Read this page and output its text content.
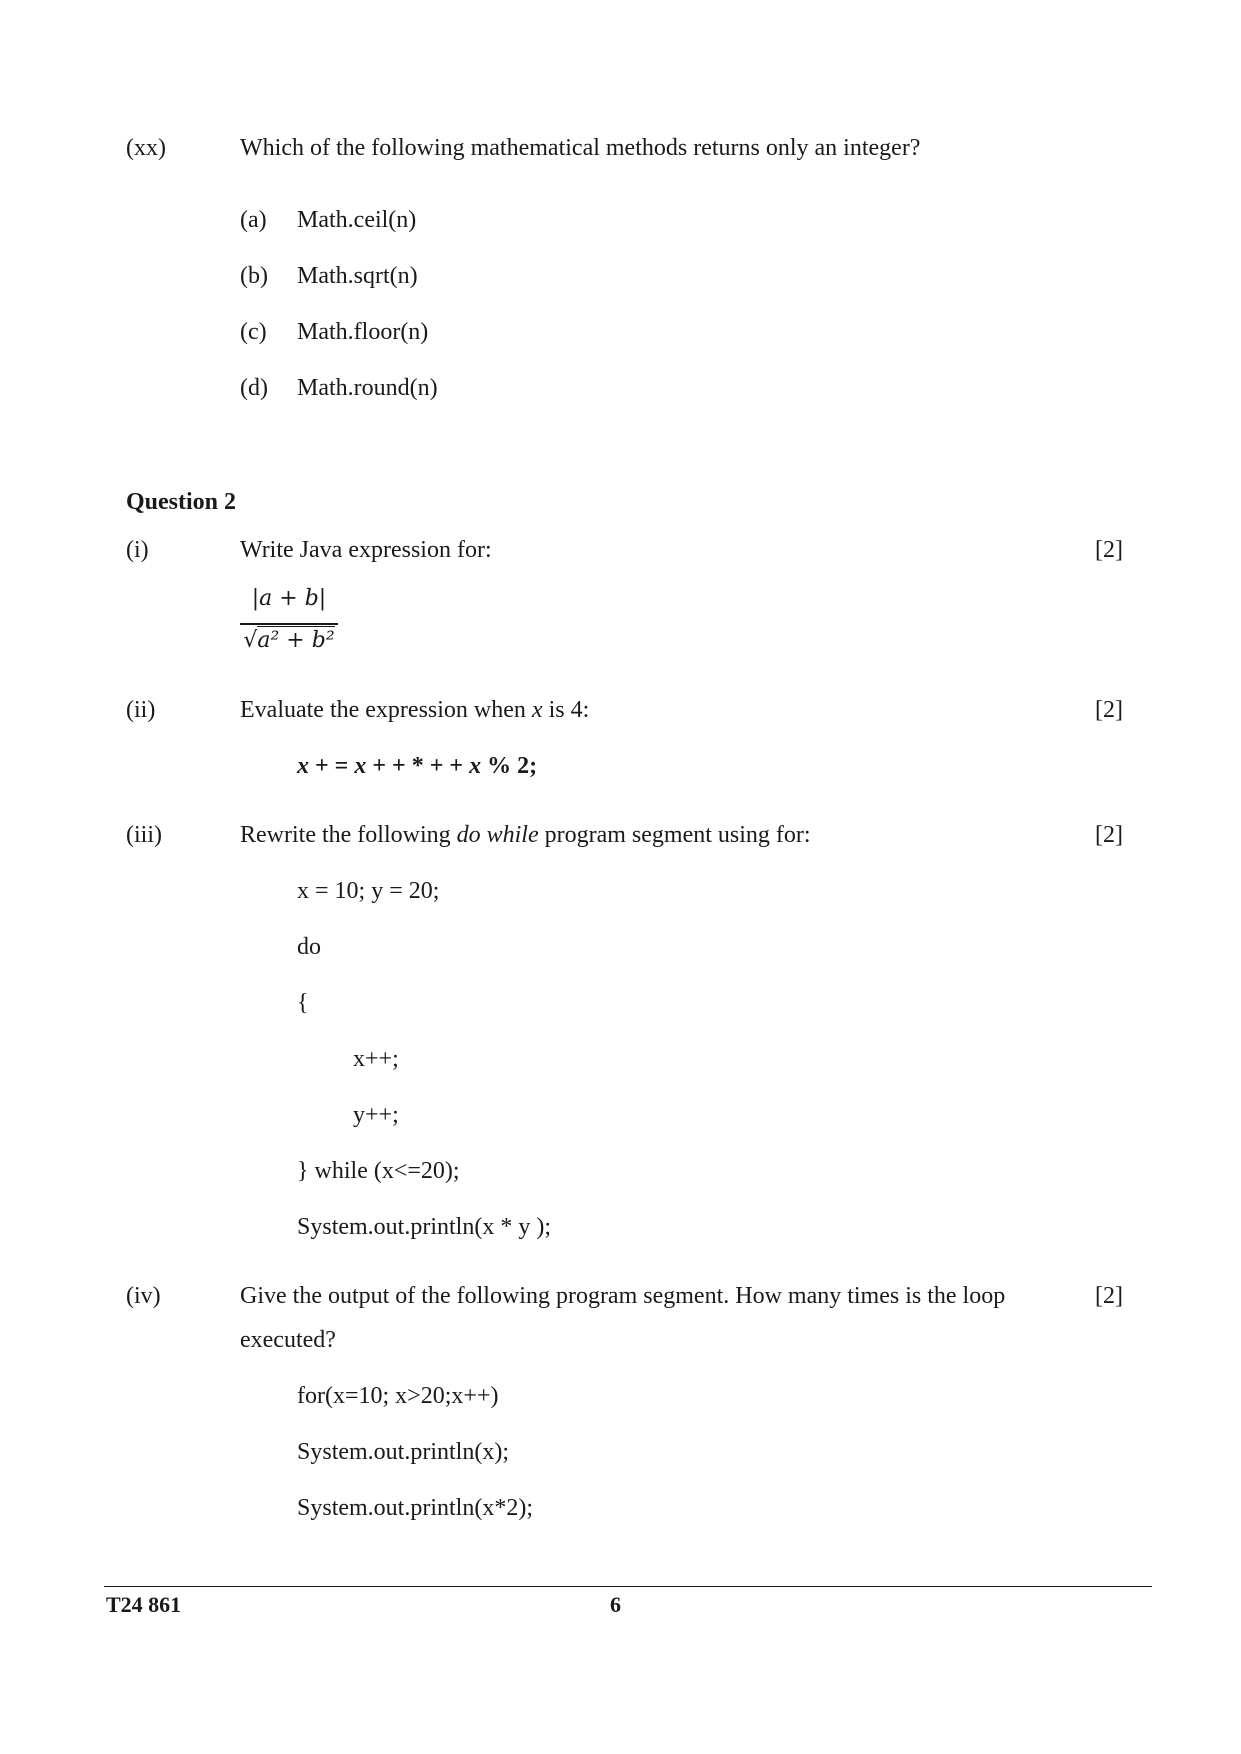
(xx)	Which of the following mathematical methods returns only an integer?
(a) Math.ceil(n)
(b) Math.sqrt(n)
(c) Math.floor(n)
(d) Math.round(n)
Question 2
(i)	Write Java expression for:	[2]
|a + b|
√a² + b²
(ii)	Evaluate the expression when x is 4:	[2]
x + = x + + * + + x % 2;
(iii)	Rewrite the following do while program segment using for:	[2]
x = 10; y = 20;
do
{
x++;
y++;
} while (x<=20);
System.out.println(x * y );
(iv)	Give the output of the following program segment. How many times is the loop
executed?
[2]
for(x=10; x>20;x++)
System.out.println(x);
System.out.println(x*2);
T24 861	6
